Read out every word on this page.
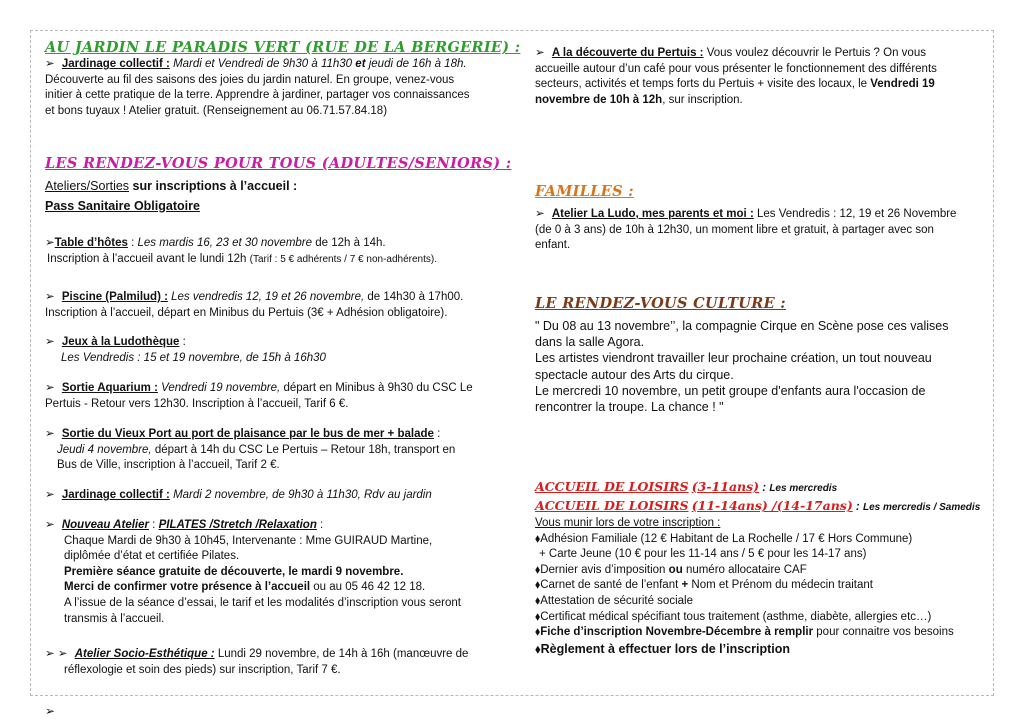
AU JARDIN LE PARADIS VERT (RUE DE LA BERGERIE) :
➢ Jardinage collectif : Mardi et Vendredi de 9h30 à 11h30 et jeudi de 16h à 18h.
Découverte au fil des saisons des joies du jardin naturel. En groupe, venez-vous
initier à cette pratique de la terre. Apprendre à jardiner, partager vos connaissances
et bons tuyaux ! Atelier gratuit. (Renseignement au 06.71.57.84.18)
LES RENDEZ-VOUS POUR TOUS (ADULTES/SENIORS) :
Ateliers/Sorties sur inscriptions à l’accueil :
Pass Sanitaire Obligatoire
➢Table d’hôtes : Les mardis 16, 23 et 30 novembre de 12h à 14h.
Inscription à l’accueil avant le lundi 12h (Tarif : 5 € adhérents / 7 € non-adhérents).
➢ Piscine (Palmilud) : Les vendredis 12, 19 et 26 novembre, de 14h30 à 17h00.
Inscription à l’accueil, départ en Minibus du Pertuis (3€ + Adhésion obligatoire).
➢ Jeux à la Ludothèque :
Les Vendredis : 15 et 19 novembre, de 15h à 16h30
➢ Sortie Aquarium : Vendredi 19 novembre, départ en Minibus à 9h30 du CSC Le
Pertuis - Retour vers 12h30. Inscription à l’accueil, Tarif 6 €.
➢ Sortie du Vieux Port au port de plaisance par le bus de mer + balade :
Jeudi 4 novembre, départ à 14h du CSC Le Pertuis – Retour 18h, transport en
Bus de Ville, inscription à l’accueil, Tarif 2 €.
➢ Jardinage collectif : Mardi 2 novembre, de 9h30 à 11h30, Rdv au jardin
➢ Nouveau Atelier : PILATES /Stretch /Relaxation :
Chaque Mardi de 9h30 à 10h45, Intervenante : Mme GUIRAUD Martine,
diplômée d’état et certifiée Pilates.
Première séance gratuite de découverte, le mardi 9 novembre.
Merci de confirmer votre présence à l’accueil ou au 05 46 42 12 18.
A l’issue de la séance d’essai, le tarif et les modalités d’inscription vous seront
transmis à l’accueil.
➢ ➢ Atelier Socio-Esthétique : Lundi 29 novembre, de 14h à 16h (manœuvre de
réflexologie et soin des pieds) sur inscription, Tarif 7 €.
➢ A la découverte du Pertuis : Vous voulez découvrir le Pertuis ? On vous
accueille autour d’un café pour vous présenter le fonctionnement des différents
secteurs, activités et temps forts du Pertuis + visite des locaux, le Vendredi 19
novembre de 10h à 12h, sur inscription.
FAMILLES :
➢ Atelier La Ludo, mes parents et moi : Les Vendredis : 12, 19 et 26 Novembre
(de 0 à 3 ans) de 10h à 12h30, un moment libre et gratuit, à partager avec son
enfant.
LE RENDEZ-VOUS CULTURE :
" Du 08 au 13 novembre’’, la compagnie Cirque en Scène pose ces valises
dans la salle Agora.
Les artistes viendront travailler leur prochaine création, un tout nouveau
spectacle autour des Arts du cirque.
Le mercredi 10 novembre, un petit groupe d'enfants aura l'occasion de
rencontrer la troupe. La chance ! "
ACCUEIL DE LOISIRS (3-11ans) : Les mercredis
ACCUEIL DE LOISIRS (11-14ans) /(14-17ans) : Les mercredis / Samedis
Vous munir lors de votre inscription :
⬧Adhésion Familiale (12 € Habitant de La Rochelle / 17 € Hors Commune)
+ Carte Jeune (10 € pour les 11-14 ans / 5 € pour les 14-17 ans)
⬧Dernier avis d’imposition ou numéro allocataire CAF
⬧Carnet de santé de l’enfant + Nom et Prénom du médecin traitant
⬧Attestation de sécurité sociale
⬧Certificat médical spécifiant tous traitement (asthme, diabète, allergies etc…)
⬧Fiche d’inscription Novembre-Décembre à remplir pour connaitre vos besoins
⬧Règlement à effectuer lors de l’inscription
➢
